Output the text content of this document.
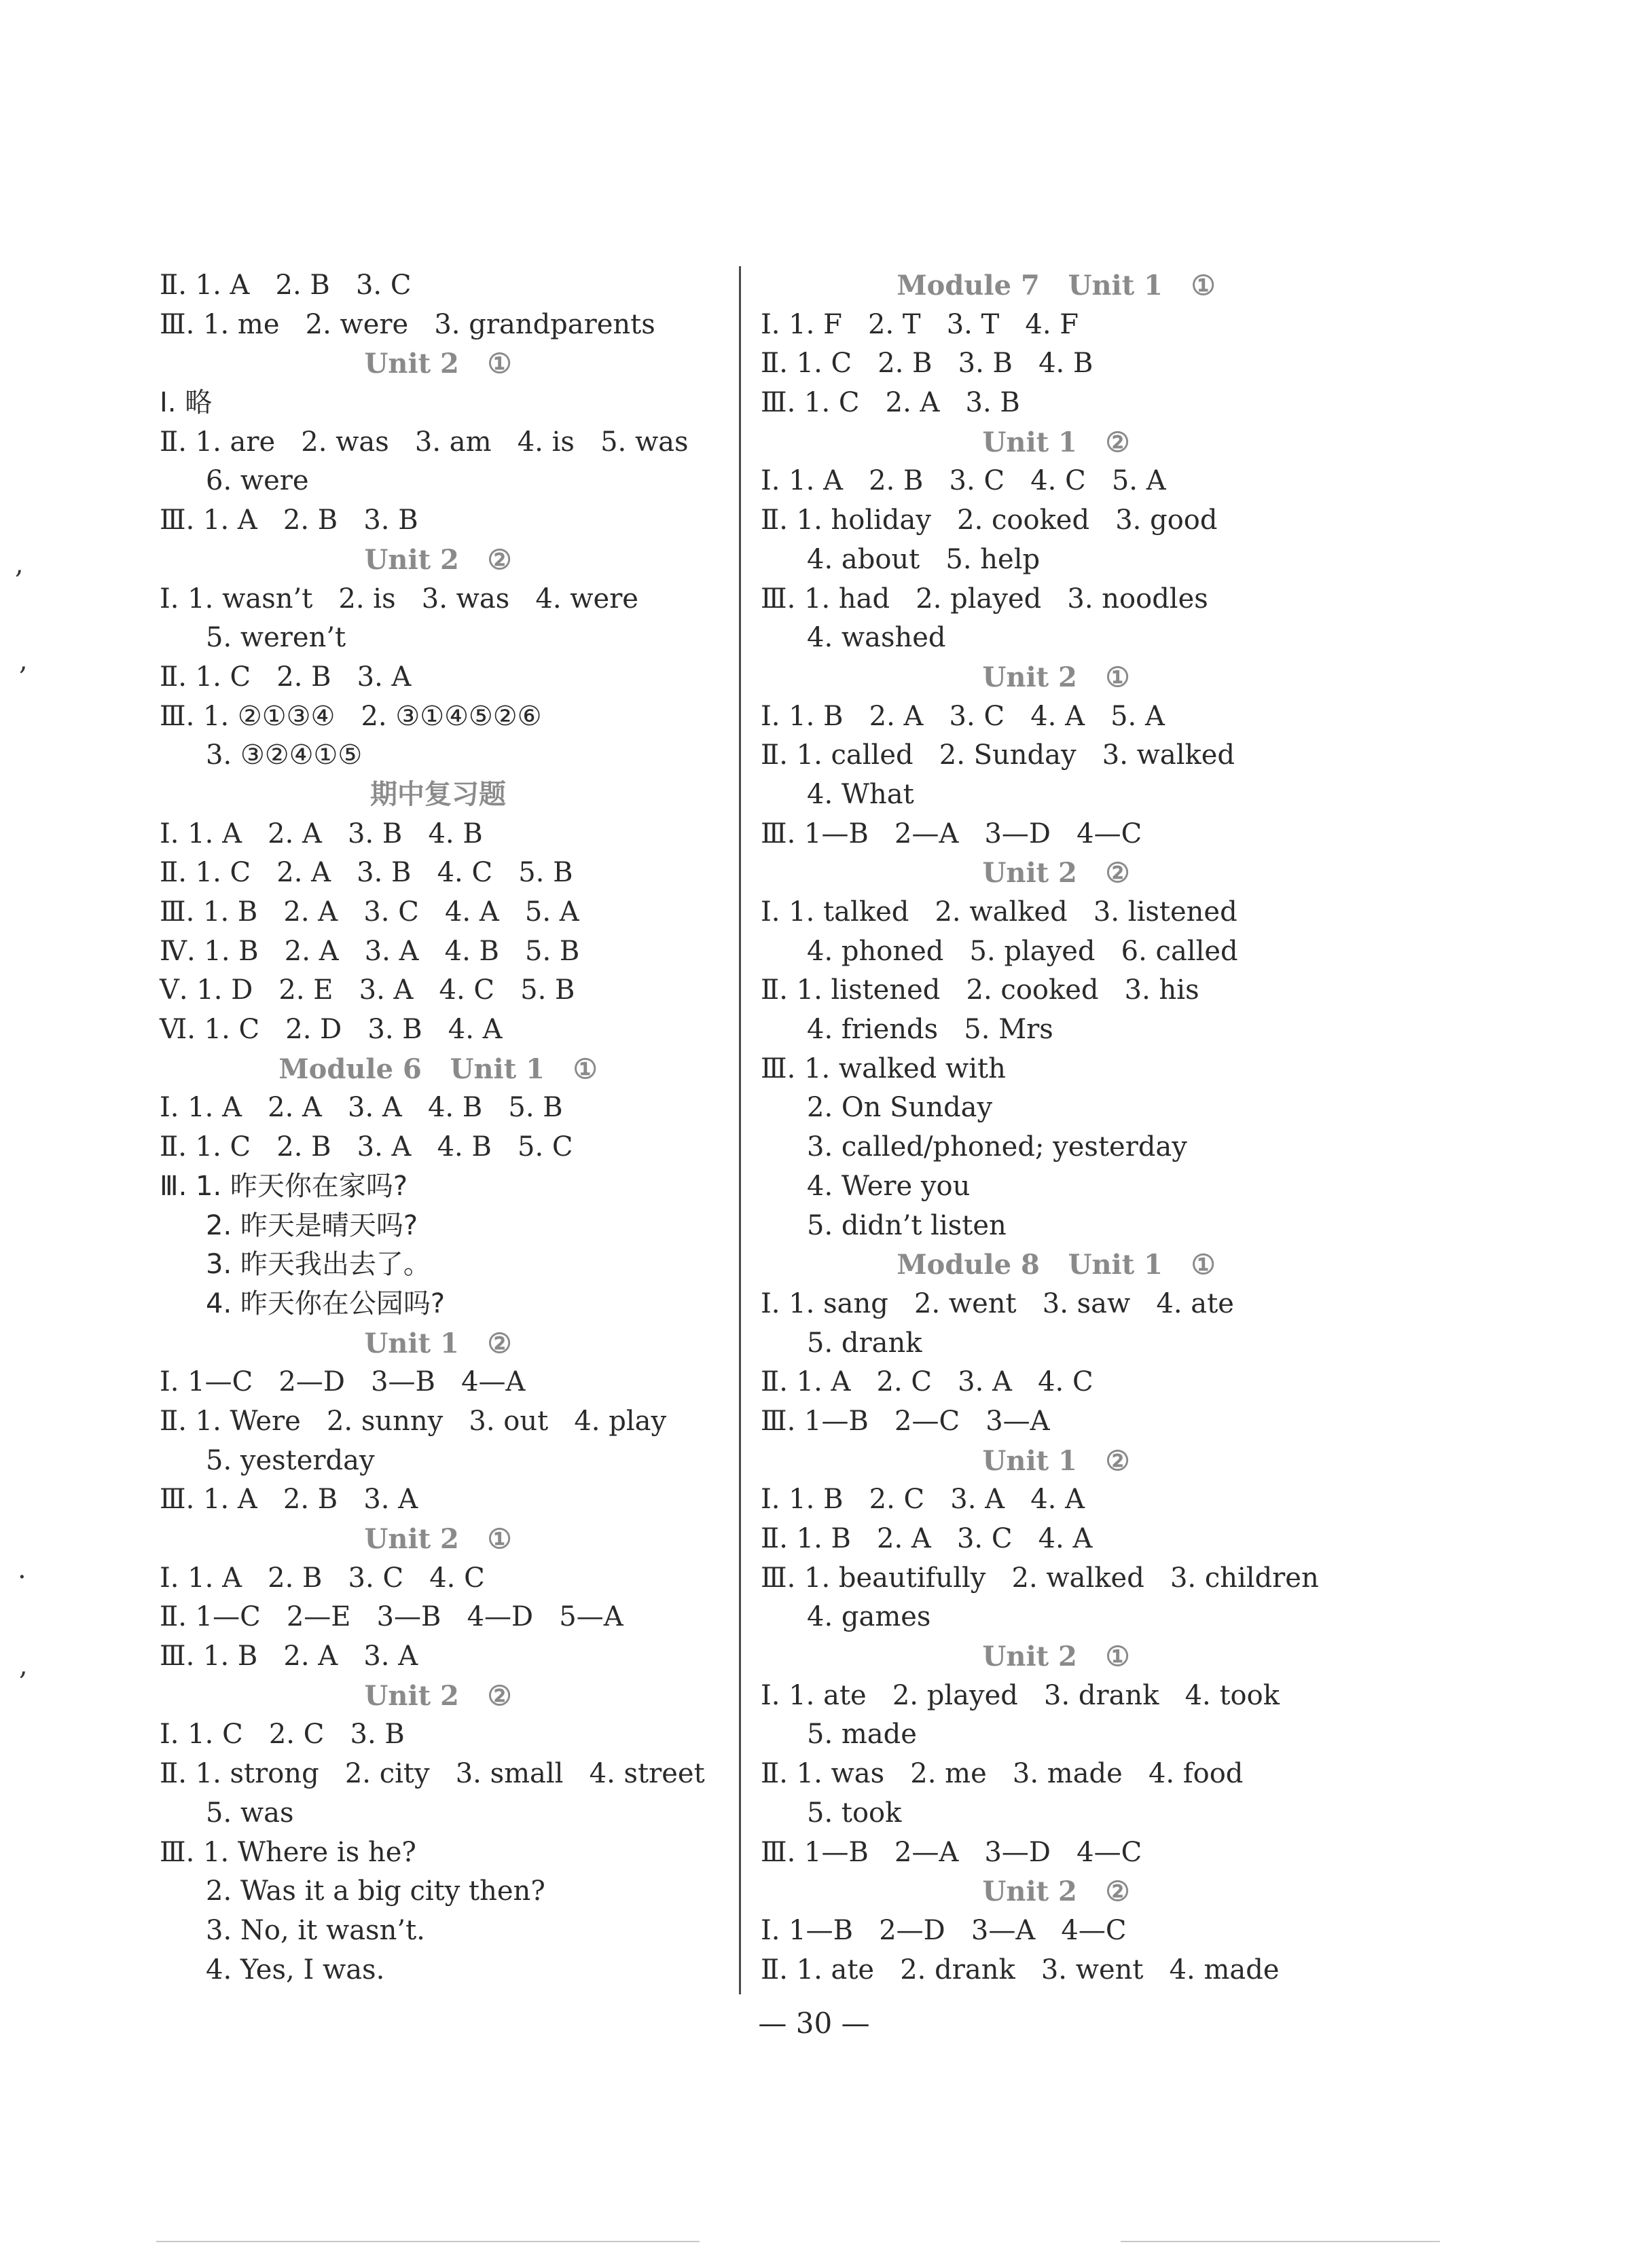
Ⅱ. 1. A   2. B   3. C
Ⅲ. 1. me   2. were   3. grandparents
Unit 2   ①
Ⅰ. 略
Ⅱ. 1. are   2. was   3. am   4. is   5. was
6. were
Ⅲ. 1. A   2. B   3. B
Unit 2   ②
Ⅰ. 1. wasn’t   2. is   3. was   4. were
5. weren’t
Ⅱ. 1. C   2. B   3. A
Ⅲ. 1. ②①③④   2. ③①④⑤②⑥
3. ③②④①⑤
期中复习题
Ⅰ. 1. A   2. A   3. B   4. B
Ⅱ. 1. C   2. A   3. B   4. C   5. B
Ⅲ. 1. B   2. A   3. C   4. A   5. A
Ⅳ. 1. B   2. A   3. A   4. B   5. B
Ⅴ. 1. D   2. E   3. A   4. C   5. B
Ⅵ. 1. C   2. D   3. B   4. A
Module 6   Unit 1   ①
Ⅰ. 1. A   2. A   3. A   4. B   5. B
Ⅱ. 1. C   2. B   3. A   4. B   5. C
Ⅲ. 1. 昨天你在家吗?
2. 昨天是晴天吗?
3. 昨天我出去了。
4. 昨天你在公园吗?
Unit 1   ②
Ⅰ. 1—C   2—D   3—B   4—A
Ⅱ. 1. Were   2. sunny   3. out   4. play
5. yesterday
Ⅲ. 1. A   2. B   3. A
Unit 2   ①
Ⅰ. 1. A   2. B   3. C   4. C
Ⅱ. 1—C   2—E   3—B   4—D   5—A
Ⅲ. 1. B   2. A   3. A
Unit 2   ②
Ⅰ. 1. C   2. C   3. B
Ⅱ. 1. strong   2. city   3. small   4. street
5. was
Ⅲ. 1. Where is he?
2. Was it a big city then?
3. No, it wasn’t.
4. Yes, I was.
Module 7   Unit 1   ①
Ⅰ. 1. F   2. T   3. T   4. F
Ⅱ. 1. C   2. B   3. B   4. B
Ⅲ. 1. C   2. A   3. B
Unit 1   ②
Ⅰ. 1. A   2. B   3. C   4. C   5. A
Ⅱ. 1. holiday   2. cooked   3. good
4. about   5. help
Ⅲ. 1. had   2. played   3. noodles
4. washed
Unit 2   ①
Ⅰ. 1. B   2. A   3. C   4. A   5. A
Ⅱ. 1. called   2. Sunday   3. walked
4. What
Ⅲ. 1—B   2—A   3—D   4—C
Unit 2   ②
Ⅰ. 1. talked   2. walked   3. listened
4. phoned   5. played   6. called
Ⅱ. 1. listened   2. cooked   3. his
4. friends   5. Mrs
Ⅲ. 1. walked with
2. On Sunday
3. called/phoned; yesterday
4. Were you
5. didn’t listen
Module 8   Unit 1   ①
Ⅰ. 1. sang   2. went   3. saw   4. ate
5. drank
Ⅱ. 1. A   2. C   3. A   4. C
Ⅲ. 1—B   2—C   3—A
Unit 1   ②
Ⅰ. 1. B   2. C   3. A   4. A
Ⅱ. 1. B   2. A   3. C   4. A
Ⅲ. 1. beautifully   2. walked   3. children
4. games
Unit 2   ①
Ⅰ. 1. ate   2. played   3. drank   4. took
5. made
Ⅱ. 1. was   2. me   3. made   4. food
5. took
Ⅲ. 1—B   2—A   3—D   4—C
Unit 2   ②
Ⅰ. 1—B   2—D   3—A   4—C
Ⅱ. 1. ate   2. drank   3. went   4. made
— 30 —
,
,
·
,
